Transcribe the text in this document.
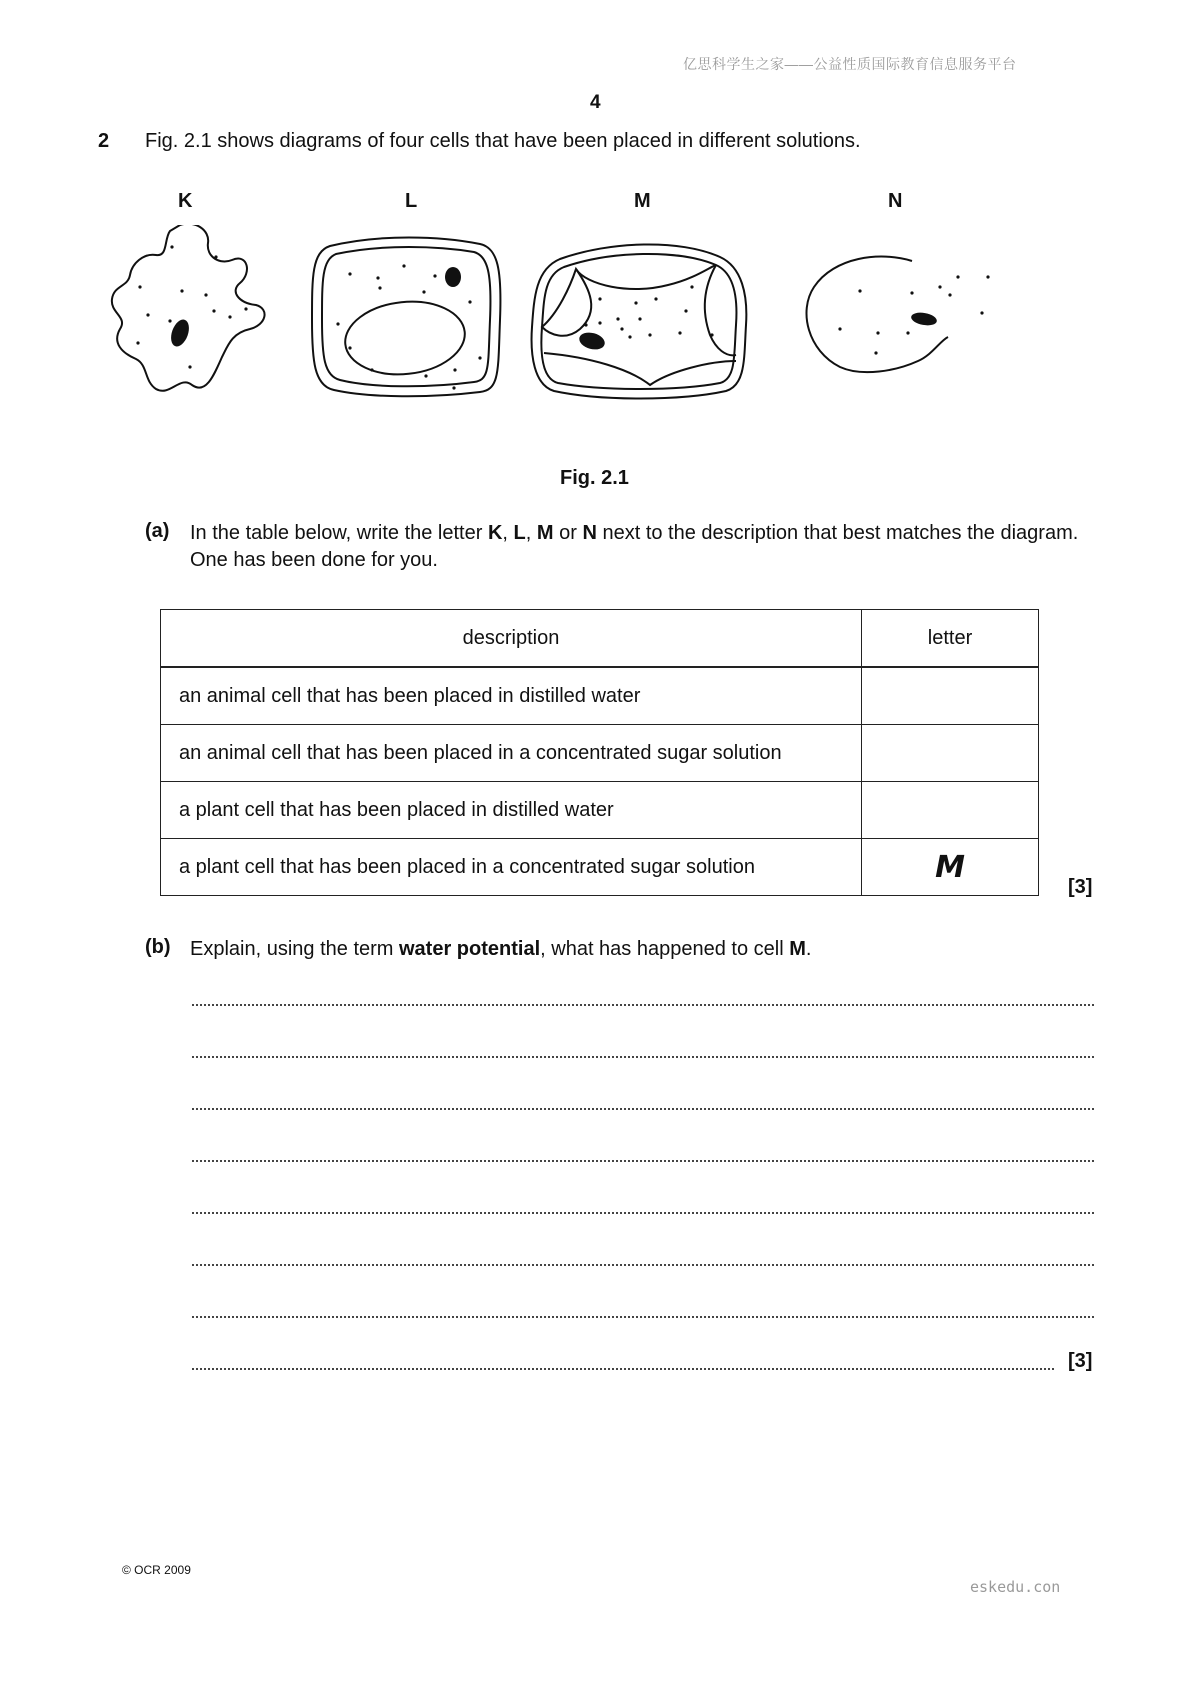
亿思科学生之家——公益性质国际教育信息服务平台
4
2 Fig. 2.1 shows diagrams of four cells that have been placed in different solutions.
K	L	M	N
Fig. 2.1
(a) In the table below, write the letter K, L, M or N next to the description that best matches the diagram. One has been done for you.
description	letter
an animal cell that has been placed in distilled water	
an animal cell that has been placed in a concentrated sugar solution	
a plant cell that has been placed in distilled water	
a plant cell that has been placed in a concentrated sugar solution	M
[3]
(b) Explain, using the term water potential, what has happened to cell M.
[3]
© OCR 2009
eskedu.con
